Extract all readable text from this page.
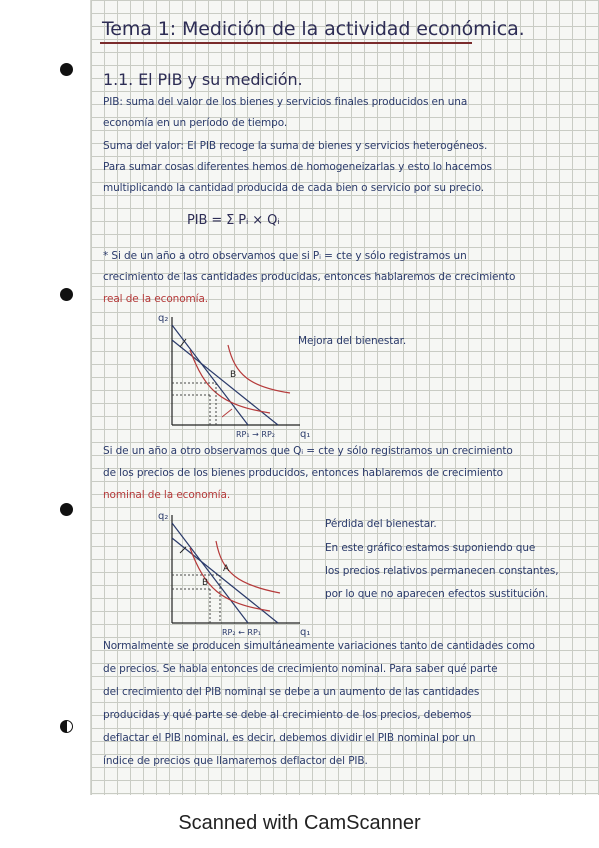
Tema 1: Medición de la actividad económica.
1.1. El PIB y su medición.
PIB: suma del valor de los bienes y servicios finales producidos en una
economía en un período de tiempo.
Suma del valor: El PIB recoge la suma de bienes y servicios heterogéneos.
Para sumar cosas diferentes hemos de homogeneizarlas y esto lo hacemos
multiplicando la cantidad producida de cada bien o servicio por su precio.
PIB = Σ Pᵢ × Qᵢ
* Si de un año a otro observamos que si Pᵢ = cte y sólo registramos un
crecimiento de las cantidades producidas, entonces hablaremos de crecimiento
real de la economía.
q₂
q₁
B
RP₁ → RP₂
Mejora del bienestar.
Si de un año a otro observamos que Qᵢ = cte y sólo registramos un crecimiento
de los precios de los bienes producidos, entonces hablaremos de crecimiento
nominal de la economía.
q₂
q₁
A
B
RP₂ ← RP₁
Pérdida del bienestar.
En este gráfico estamos suponiendo que
los precios relativos permanecen constantes,
por lo que no aparecen efectos sustitución.
Normalmente se producen simultáneamente variaciones tanto de cantidades como
de precios. Se habla entonces de crecimiento nominal. Para saber qué parte
del crecimiento del PIB nominal se debe a un aumento de las cantidades
producidas y qué parte se debe al crecimiento de los precios, debemos
deflactar el PIB nominal, es decir, debemos dividir el PIB nominal por un
índice de precios que llamaremos deflactor del PIB.
Scanned with CamScanner
